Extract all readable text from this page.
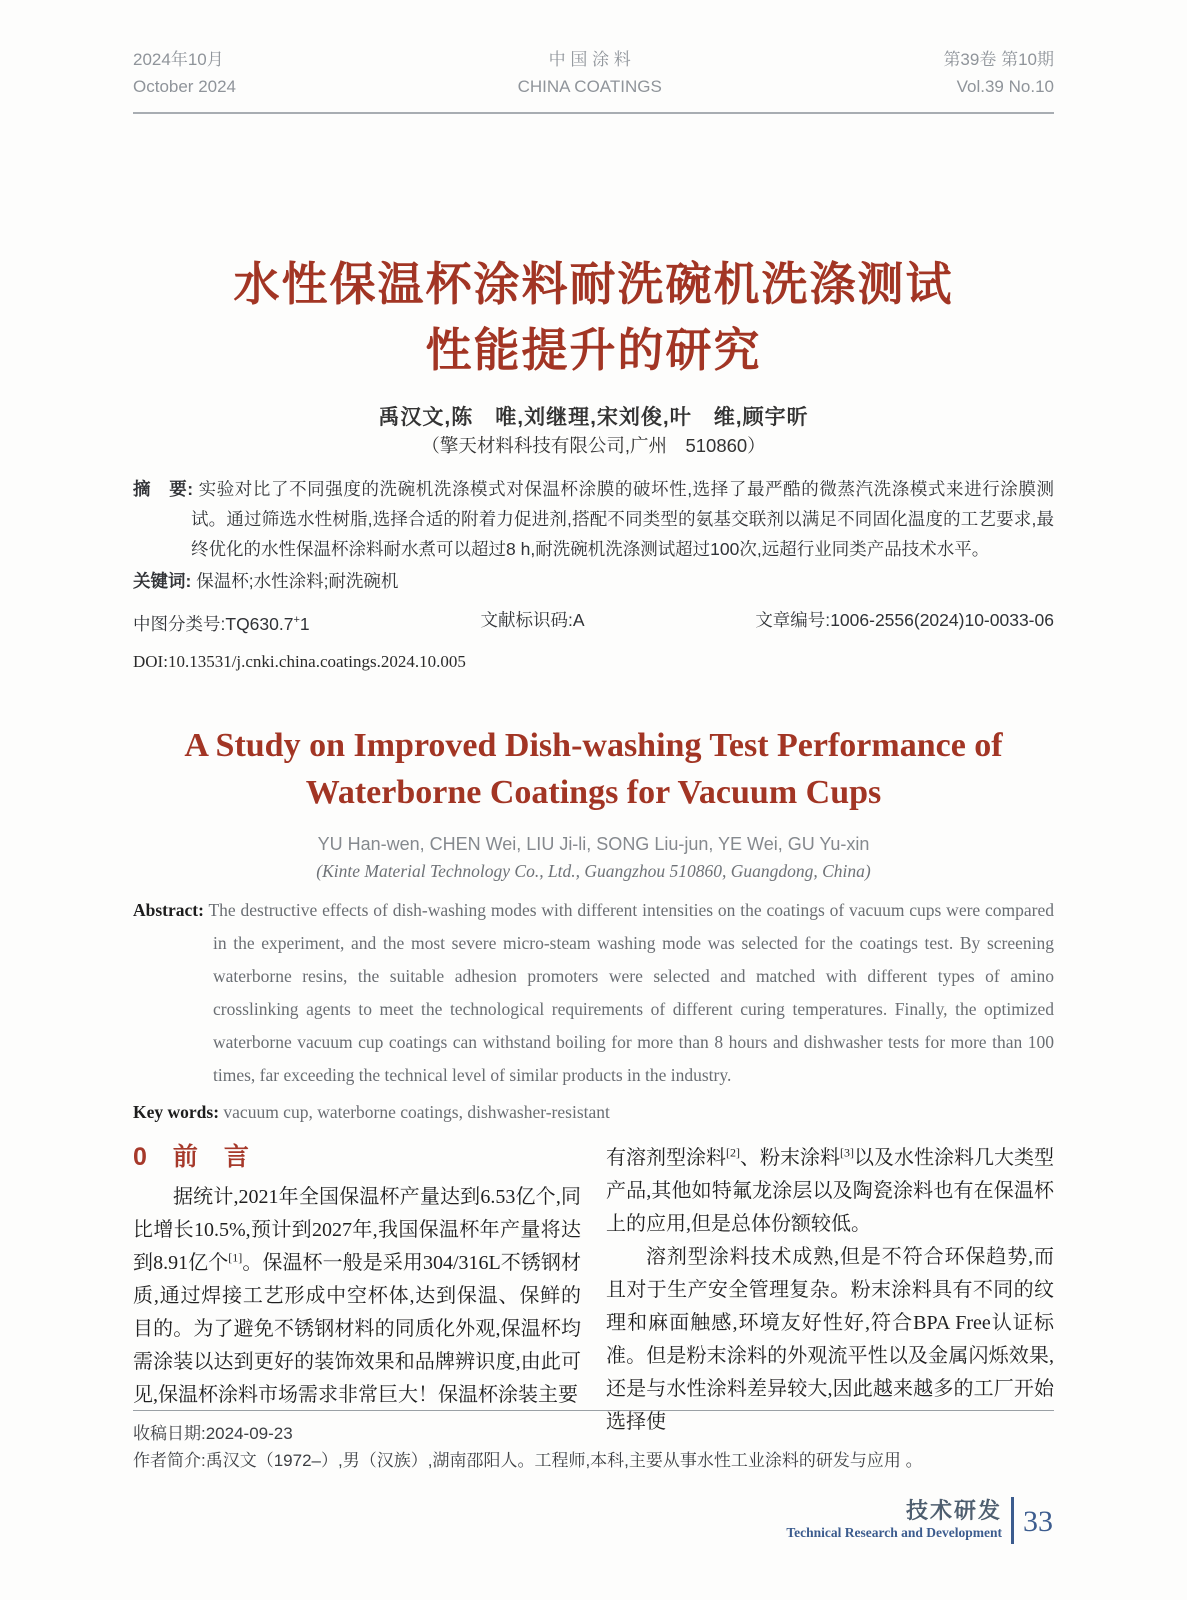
2024年10月
October 2024
中 国 涂 料
CHINA COATINGS
第39卷 第10期
Vol.39 No.10
水性保温杯涂料耐洗碗机洗涤测试
性能提升的研究
禹汉文,陈　唯,刘继理,宋刘俊,叶　维,顾宇昕
（擎天材料科技有限公司,广州　510860）
摘　要: 实验对比了不同强度的洗碗机洗涤模式对保温杯涂膜的破坏性,选择了最严酷的微蒸汽洗涤模式来进行涂膜测试。通过筛选水性树脂,选择合适的附着力促进剂,搭配不同类型的氨基交联剂以满足不同固化温度的工艺要求,最终优化的水性保温杯涂料耐水煮可以超过8 h,耐洗碗机洗涤测试超过100次,远超行业同类产品技术水平。
关键词: 保温杯;水性涂料;耐洗碗机
中图分类号:TQ630.7+1	文献标识码:A	文章编号:1006-2556(2024)10-0033-06
DOI:10.13531/j.cnki.china.coatings.2024.10.005
A Study on Improved Dish-washing Test Performance of
Waterborne Coatings for Vacuum Cups
YU Han-wen, CHEN Wei, LIU Ji-li, SONG Liu-jun, YE Wei, GU Yu-xin
(Kinte Material Technology Co., Ltd., Guangzhou 510860, Guangdong, China)
Abstract: The destructive effects of dish-washing modes with different intensities on the coatings of vacuum cups were compared in the experiment, and the most severe micro-steam washing mode was selected for the coatings test. By screening waterborne resins, the suitable adhesion promoters were selected and matched with different types of amino crosslinking agents to meet the technological requirements of different curing temperatures. Finally, the optimized waterborne vacuum cup coatings can withstand boiling for more than 8 hours and dishwasher tests for more than 100 times, far exceeding the technical level of similar products in the industry.
Key words: vacuum cup, waterborne coatings, dishwasher-resistant
0 前言

据统计,2021年全国保温杯产量达到6.53亿个,同比增长10.5%,预计到2027年,我国保温杯年产量将达到8.91亿个[1]。保温杯一般是采用304/316L不锈钢材质,通过焊接工艺形成中空杯体,达到保温、保鲜的目的。为了避免不锈钢材料的同质化外观,保温杯均需涂装以达到更好的装饰效果和品牌辨识度,由此可见,保温杯涂料市场需求非常巨大！保温杯涂装主要

有溶剂型涂料[2]、粉末涂料[3]以及水性涂料几大类型产品,其他如特氟龙涂层以及陶瓷涂料也有在保温杯上的应用,但是总体份额较低。

溶剂型涂料技术成熟,但是不符合环保趋势,而且对于生产安全管理复杂。粉末涂料具有不同的纹理和麻面触感,环境友好性好,符合BPA Free认证标准。但是粉末涂料的外观流平性以及金属闪烁效果,还是与水性涂料差异较大,因此越来越多的工厂开始选择使

收稿日期:2024-09-23
作者简介:禹汉文（1972–）,男（汉族）,湖南邵阳人。工程师,本科,主要从事水性工业涂料的研发与应用 。
技术研发
Technical Research and Development 33
